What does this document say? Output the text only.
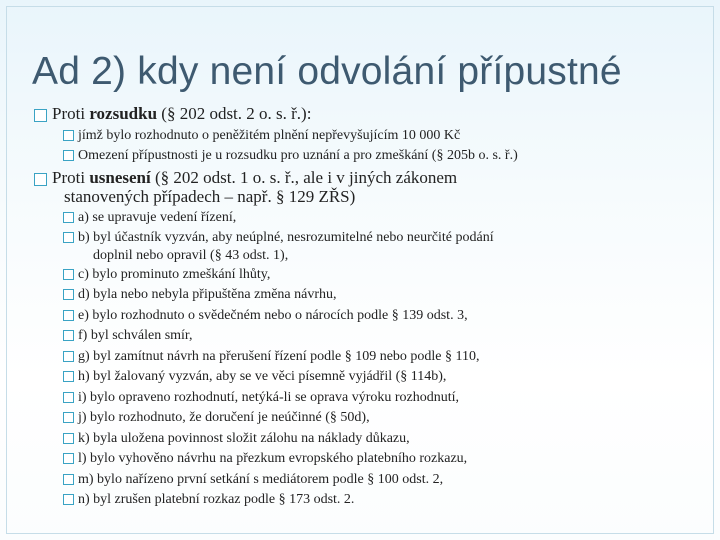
Ad 2) kdy není odvolání přípustné
Proti rozsudku (§ 202 odst. 2 o. s. ř.):
jímž bylo rozhodnuto o peněžitém plnění nepřevyšujícím 10 000 Kč
Omezení přípustnosti je u rozsudku pro uznání a pro zmeškání (§ 205b o. s. ř.)
Proti usnesení (§ 202 odst. 1 o. s. ř., ale i v jiných zákonem
stanovených případech – např. § 129 ZŘS)
a) se upravuje vedení řízení,
b) byl účastník vyzván, aby neúplné, nesrozumitelné nebo neurčité podání
doplnil nebo opravil (§ 43 odst. 1),
c) bylo prominuto zmeškání lhůty,
d) byla nebo nebyla připuštěna změna návrhu,
e) bylo rozhodnuto o svědečném nebo o nárocích podle § 139 odst. 3,
f) byl schválen smír,
g) byl zamítnut návrh na přerušení řízení podle § 109 nebo podle § 110,
h) byl žalovaný vyzván, aby se ve věci písemně vyjádřil (§ 114b),
i) bylo opraveno rozhodnutí, netýká-li se oprava výroku rozhodnutí,
j) bylo rozhodnuto, že doručení je neúčinné (§ 50d),
k) byla uložena povinnost složit zálohu na náklady důkazu,
l) bylo vyhověno návrhu na přezkum evropského platebního rozkazu,
m) bylo nařízeno první setkání s mediátorem podle § 100 odst. 2,
n) byl zrušen platební rozkaz podle § 173 odst. 2.
